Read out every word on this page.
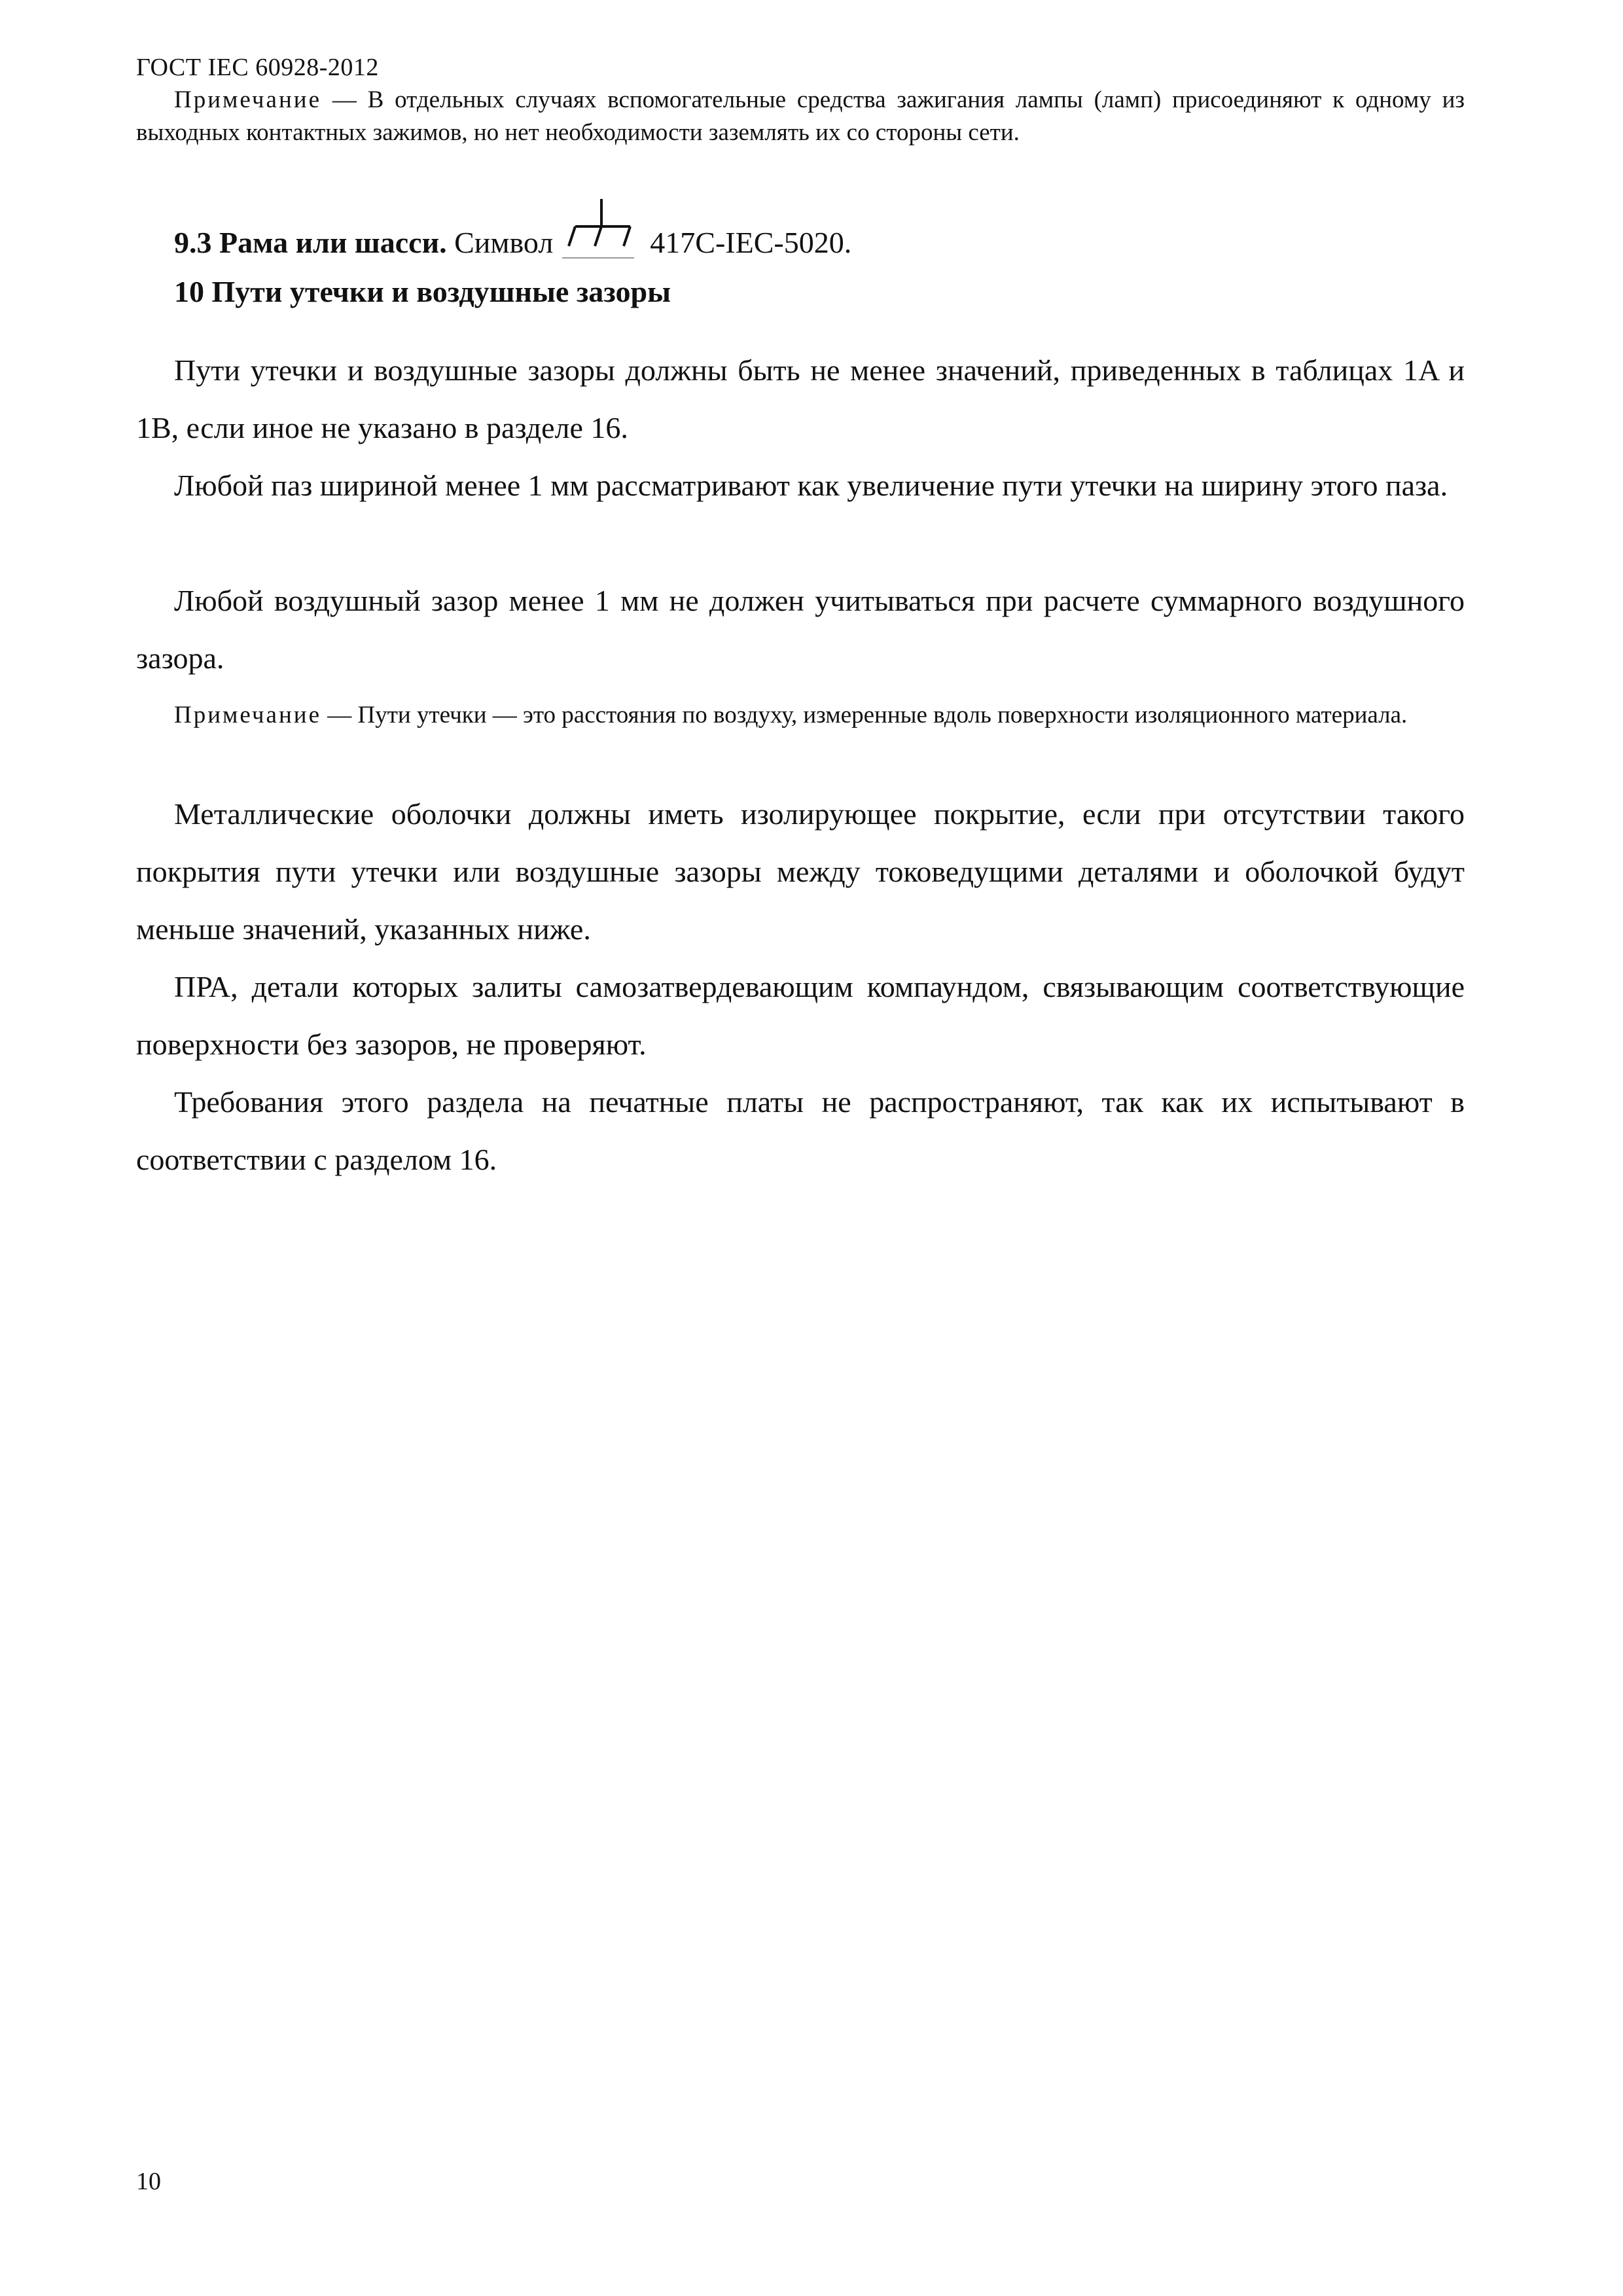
ГОСТ IEC 60928-2012
Примечание — В отдельных случаях вспомогательные средства зажигания лампы (ламп) присоединяют к одному из выходных контактных зажимов, но нет необходимости заземлять их со стороны сети.
9.3 Рама или шасси. Символ	417C-IEC-5020.
10 Пути утечки и воздушные зазоры
Пути утечки и воздушные зазоры должны быть не менее значений, приведенных в таблицах 1A и 1B, если иное не указано в разделе 16.
Любой паз шириной менее 1 мм рассматривают как увеличение пути утечки на ширину этого паза.
Любой воздушный зазор менее 1 мм не должен учитываться при расчете суммарного воздушного зазора.
Примечание — Пути утечки — это расстояния по воздуху, измеренные вдоль поверхности изоляционного материала.
Металлические оболочки должны иметь изолирующее покрытие, если при отсутствии такого покрытия пути утечки или воздушные зазоры между токоведущими деталями и оболочкой будут меньше значений, указанных ниже.
ПРА, детали которых залиты самозатвердевающим компаундом, связывающим соответствующие поверхности без зазоров, не проверяют.
Требования этого раздела на печатные платы не распространяют, так как их испытывают в соответствии с разделом 16.
10
